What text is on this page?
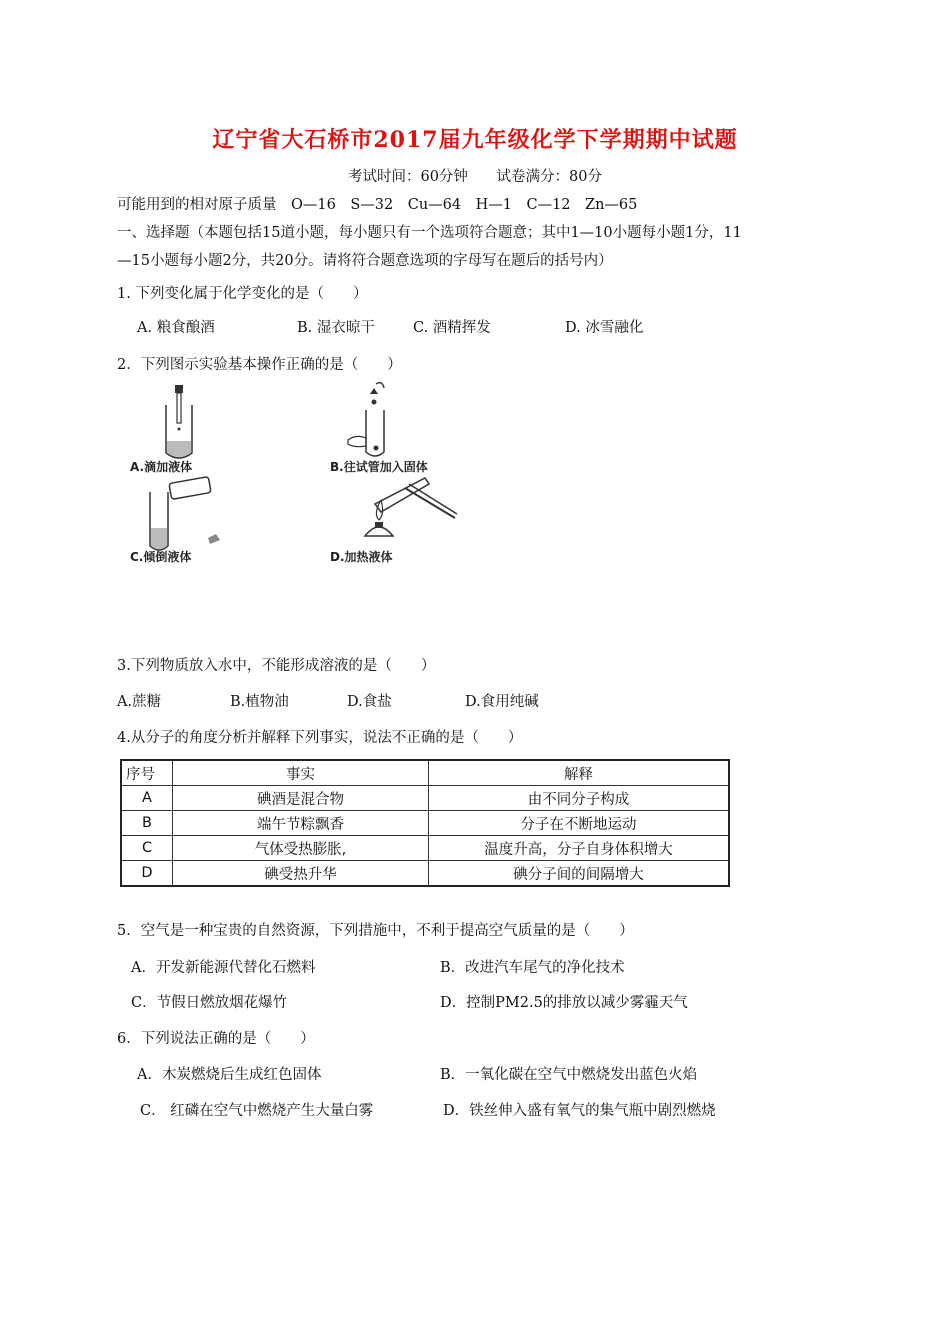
辽宁省大石桥市2017届九年级化学下学期期中试题
考试时间：60分钟 试卷满分：80分
可能用到的相对原子质量　O—16　S—32　Cu—64　H—1　C—12　Zn—65
一、选择题（本题包括15道小题，每小题只有一个选项符合题意；其中1—10小题每小题1分，11
—15小题每小题2分，共20分。请将符合题意选项的字母写在题后的括号内）
1. 下列变化属于化学变化的是（　　）
A. 粮食酿酒	B. 湿衣晾干	C. 酒精挥发	D. 冰雪融化
2．下列图示实验基本操作正确的是（　　）
A.滴加液体	B.往试管加入固体
C.倾倒液体	D.加热液体
3.下列物质放入水中，不能形成溶液的是（　　）
A.蔗糖	B.植物油	D.食盐	D.食用纯碱
4.从分子的角度分析并解释下列事实，说法不正确的是（　　）
序号	事实	解释
A	碘酒是混合物	由不同分子构成
B	端午节粽飘香	分子在不断地运动
C	气体受热膨胀,	温度升高，分子自身体积增大
D	碘受热升华	碘分子间的间隔增大
5．空气是一种宝贵的自然资源，下列措施中，不利于提高空气质量的是（　　）
A．开发新能源代替化石燃料	B．改进汽车尾气的净化技术
C．节假日燃放烟花爆竹	D．控制PM2.5的排放以减少雾霾天气
6．下列说法正确的是（　　）
A．木炭燃烧后生成红色固体	B．一氧化碳在空气中燃烧发出蓝色火焰
C． 红磷在空气中燃烧产生大量白雾	D．铁丝伸入盛有氧气的集气瓶中剧烈燃烧
